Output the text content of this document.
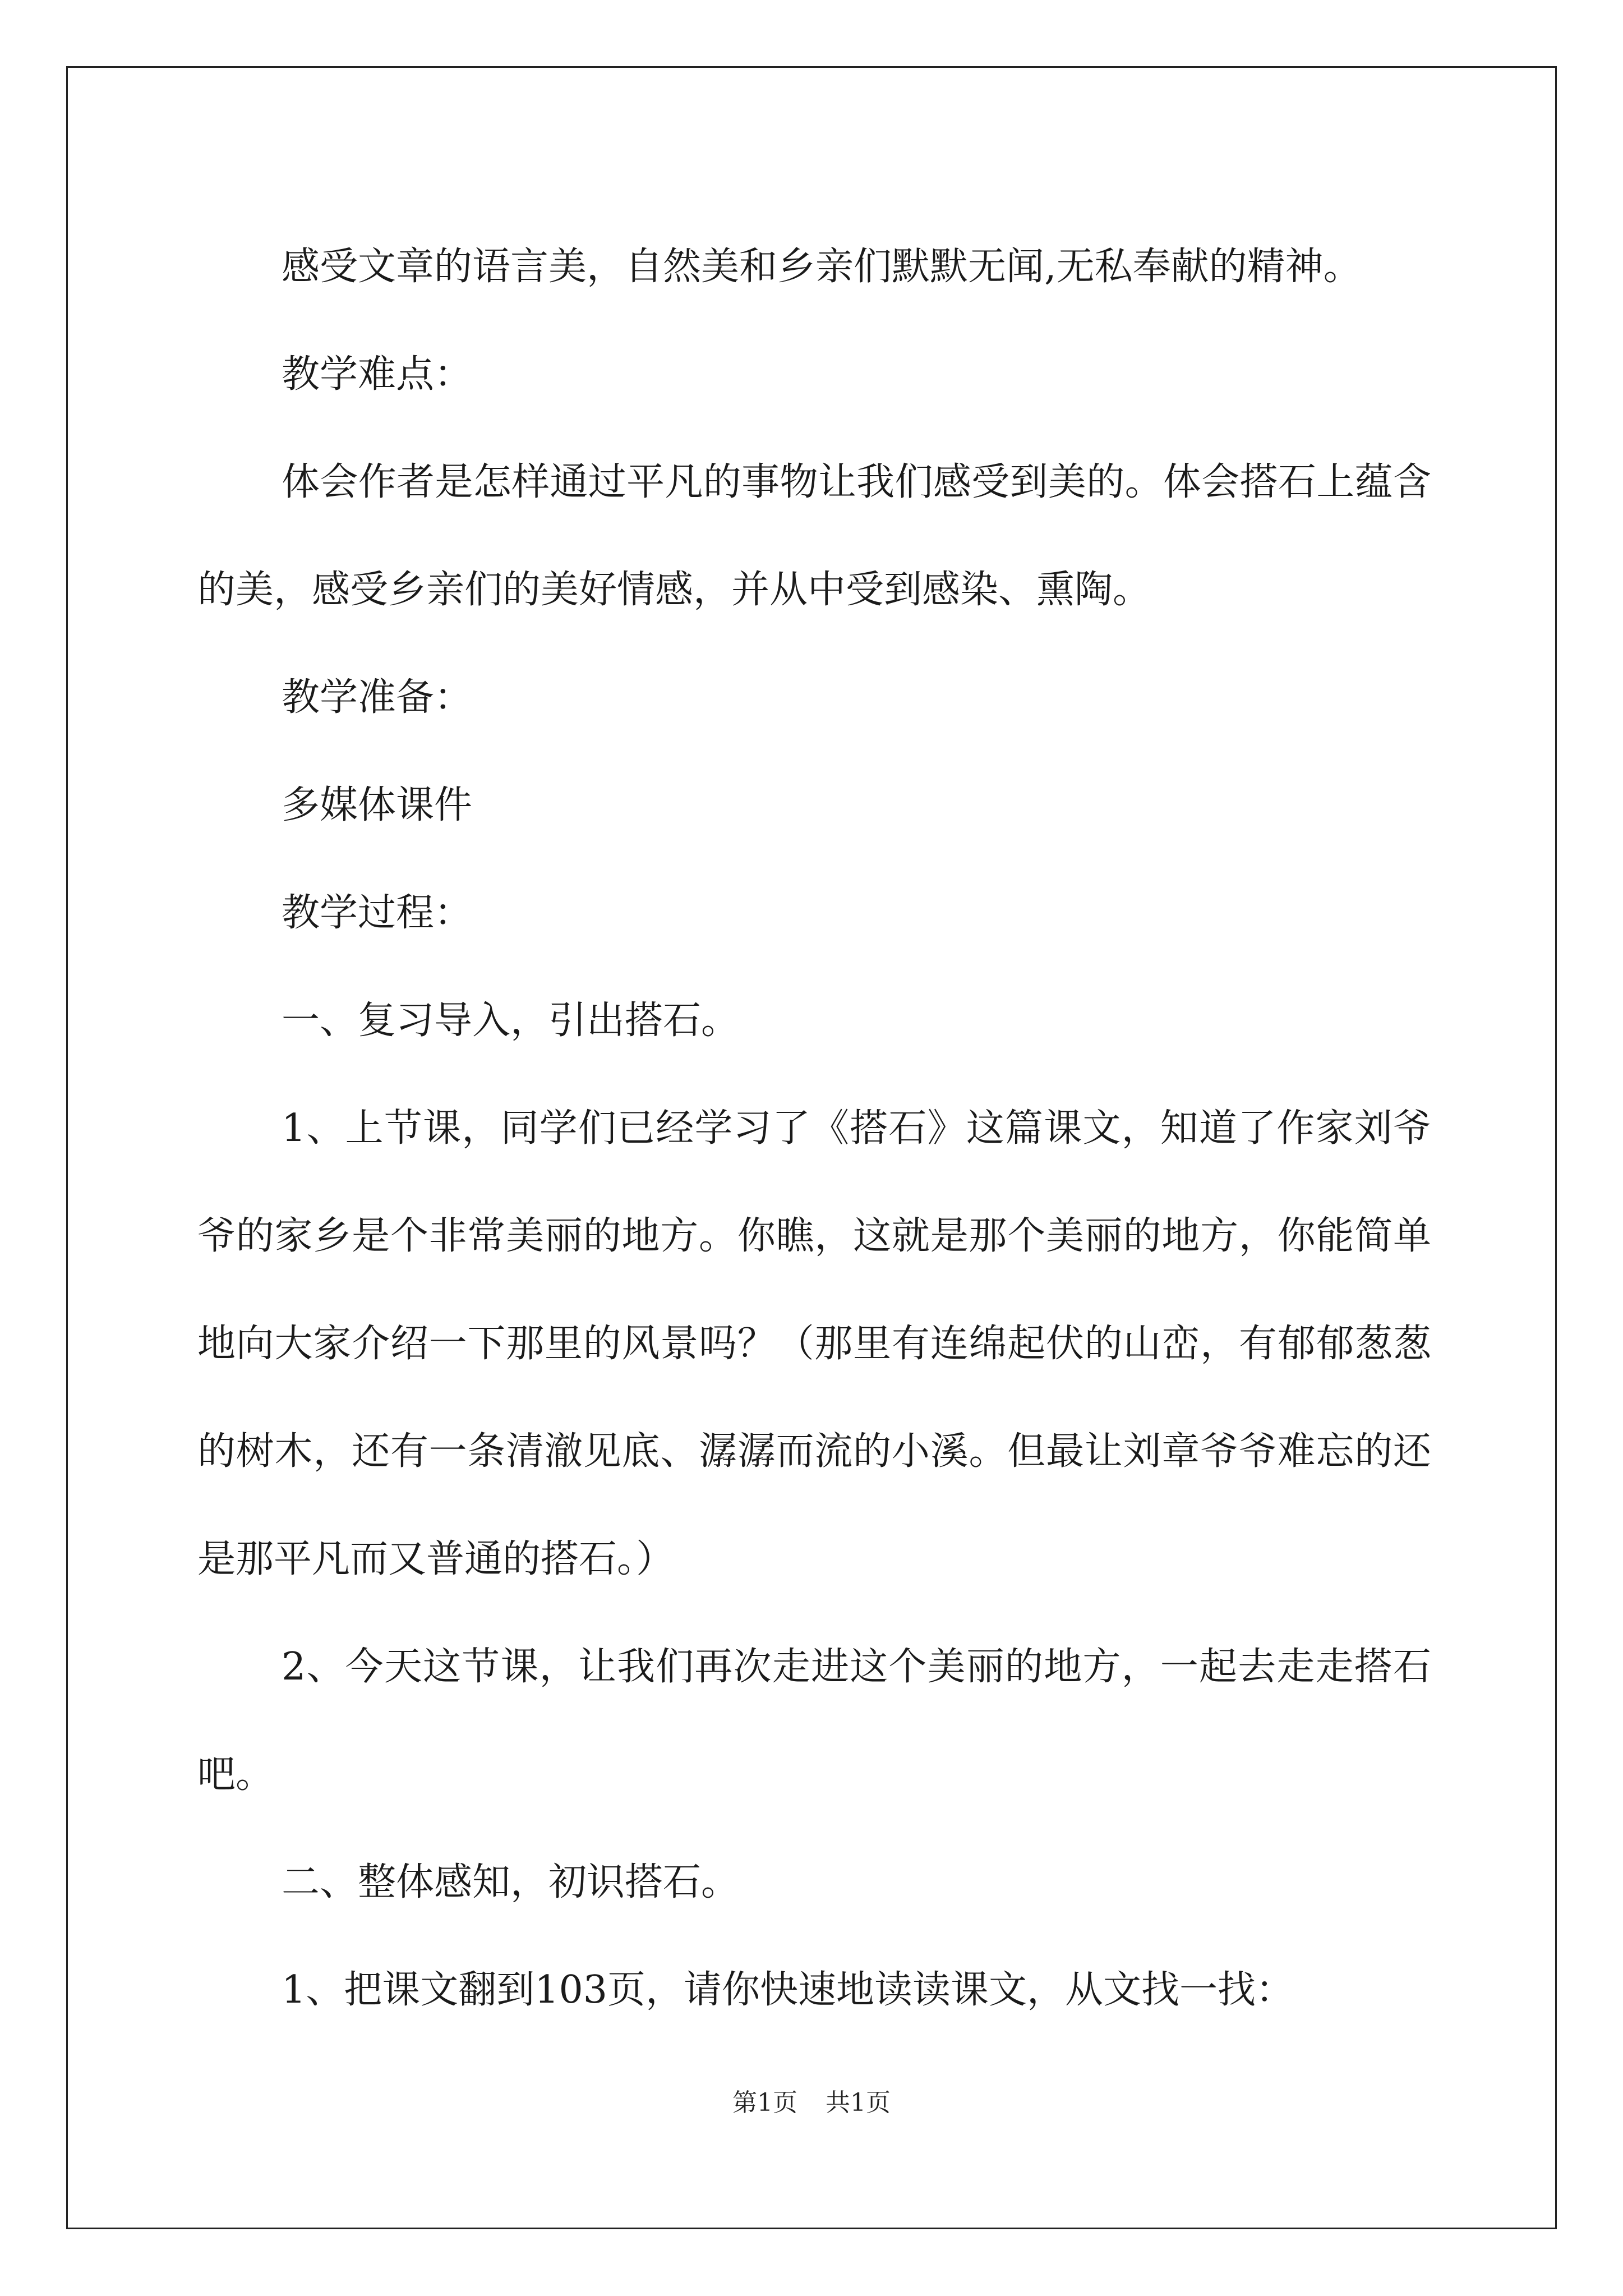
感受文章的语言美，自然美和乡亲们默默无闻,无私奉献的精神。

教学难点：

体会作者是怎样通过平凡的事物让我们感受到美的。体会搭石上蕴含的美，感受乡亲们的美好情感，并从中受到感染、熏陶。

教学准备：

多媒体课件

教学过程：

一、复习导入，引出搭石。

1、上节课，同学们已经学习了《搭石》这篇课文，知道了作家刘爷爷的家乡是个非常美丽的地方。你瞧，这就是那个美丽的地方，你能简单地向大家介绍一下那里的风景吗？（那里有连绵起伏的山峦，有郁郁葱葱的树木，还有一条清澈见底、潺潺而流的小溪。但最让刘章爷爷难忘的还是那平凡而又普通的搭石。）

2、今天这节课，让我们再次走进这个美丽的地方，一起去走走搭石吧。

二、整体感知，初识搭石。

1、把课文翻到103页，请你快速地读读课文，从文找一找：

第1页 共1页
